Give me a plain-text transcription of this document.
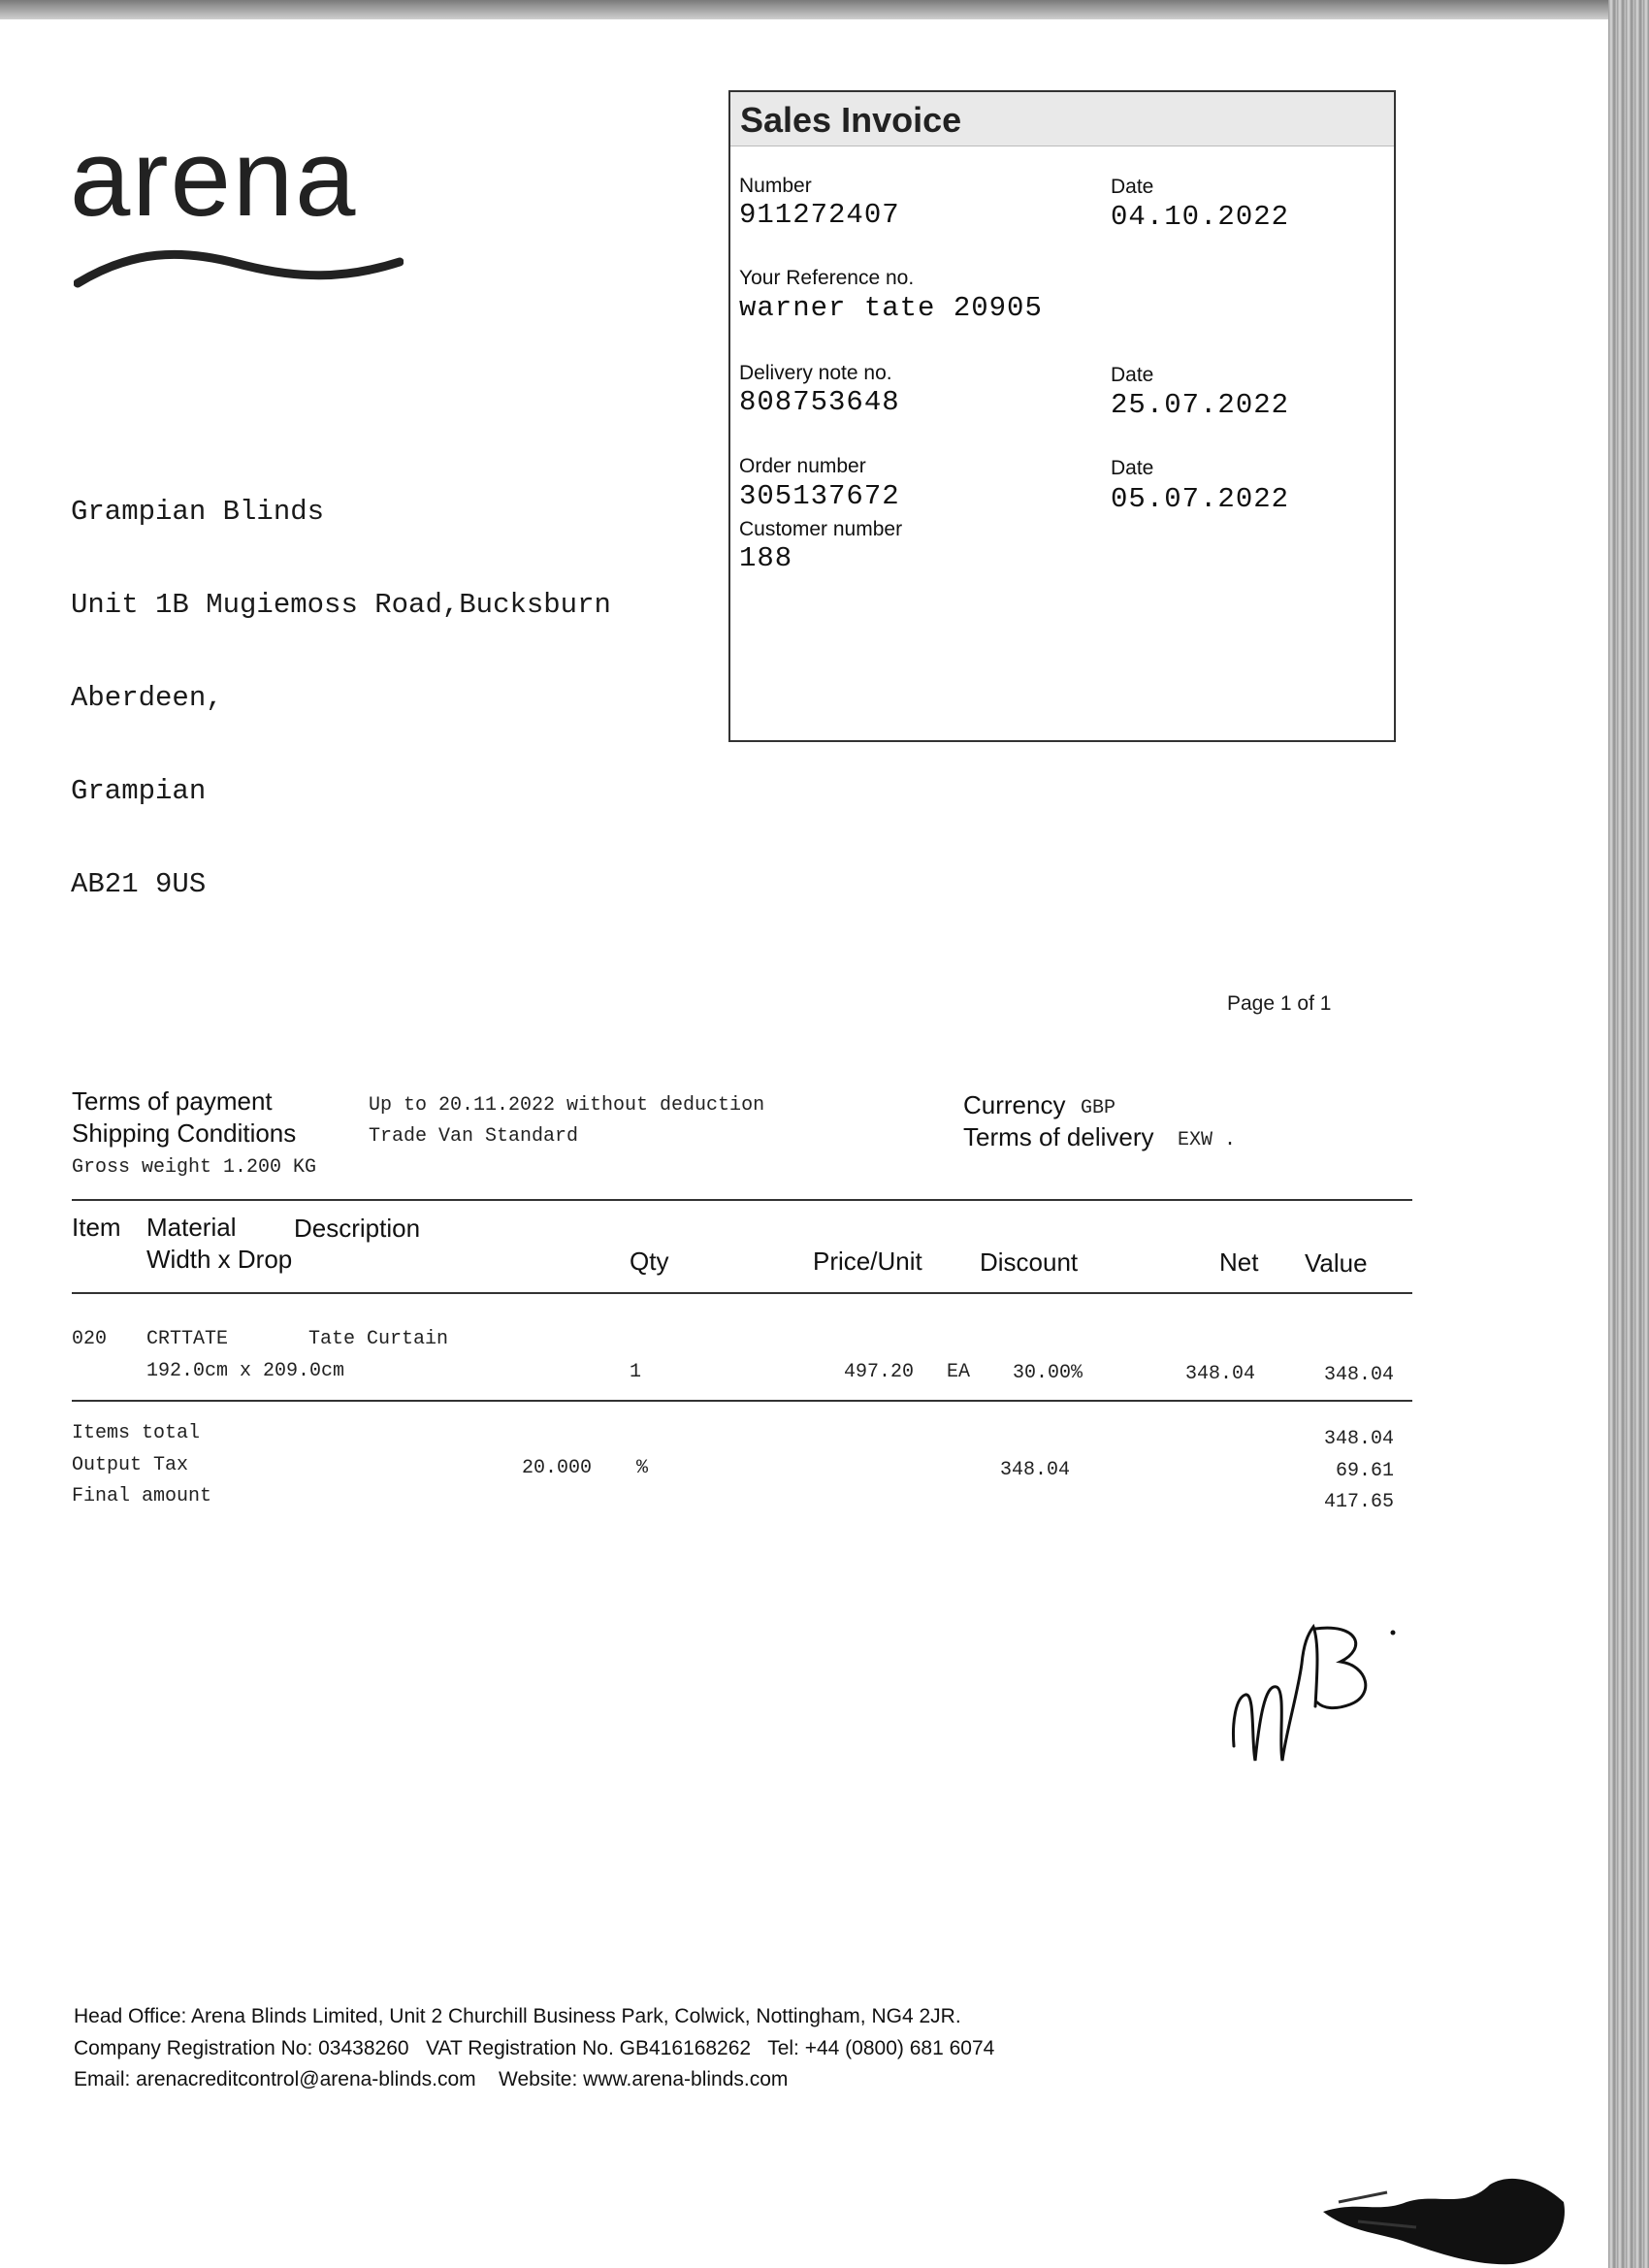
arena

Grampian Blinds

Unit 1B Mugiemoss Road,Bucksburn

Aberdeen,

Grampian

AB21 9US

Sales Invoice
Number
911272407
Date
04.10.2022
Your Reference no.
warner tate 20905
Delivery note no.
808753648
Date
25.07.2022
Order number
305137672
Date
05.07.2022
Customer number
188
Page 1 of 1
Terms of payment	Up to 20.11.2022 without deduction
Shipping Conditions	Trade Van Standard
Gross weight 1.200 KG
Currency GBP
Terms of delivery EXW .
Item Material Description
Width x Drop	Qty	Price/Unit Discount	Net Value
020 CRTTATE	Tate Curtain
192.0cm x 209.0cm	1	497.20 EA 30.00%	348.04	348.04
Items total	348.04
Output Tax	20.000 %	348.04	69.61
Final amount	417.65
Head Office: Arena Blinds Limited, Unit 2 Churchill Business Park, Colwick, Nottingham, NG4 2JR.
Company Registration No: 03438260   VAT Registration No. GB416168262   Tel: +44 (0800) 681 6074
Email: arenacreditcontrol@arena-blinds.com    Website: www.arena-blinds.com
